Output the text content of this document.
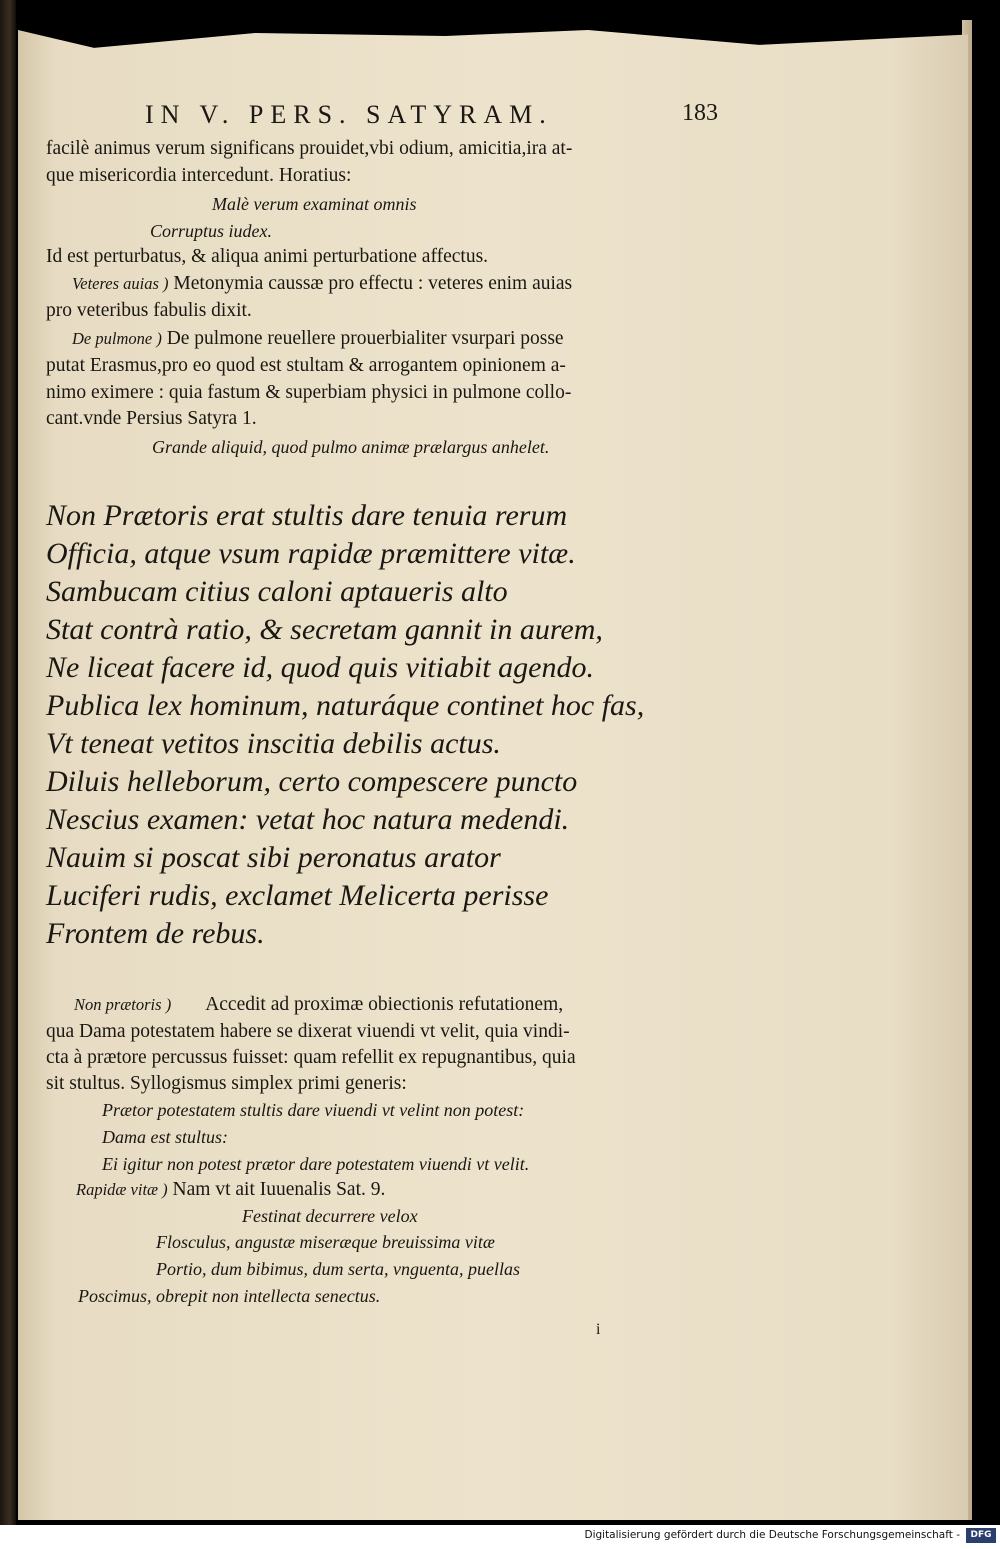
IN V. PERS. SATYRAM.	183
facilè animus verum significans prouidet,vbi odium, amicitia,ira at-
que misericordia intercedunt. Horatius:
Malè verum examinat omnis
Corruptus iudex.
Id est perturbatus, & aliqua animi perturbatione affectus.
Veteres auias ) Metonymia caussæ pro effectu : veteres enim auias
pro veteribus fabulis dixit.
De pulmone ) De pulmone reuellere prouerbialiter vsurpari posse
putat Erasmus,pro eo quod est stultam & arrogantem opinionem a-
nimo eximere : quia fastum & superbiam physici in pulmone collo-
cant.vnde Persius Satyra 1.
Grande aliquid, quod pulmo animæ prælargus anhelet.
Non Prætoris erat stultis dare tenuia rerum
Officia, atque vsum rapidæ præmittere vitæ.
Sambucam citius caloni aptaueris alto
Stat contrà ratio, & secretam gannit in aurem,
Ne liceat facere id, quod quis vitiabit agendo.
Publica lex hominum, naturáque continet hoc fas,
Vt teneat vetitos inscitia debilis actus.
Diluis helleborum, certo compescere puncto
Nescius examen: vetat hoc natura medendi.
Nauim si poscat sibi peronatus arator
Luciferi rudis, exclamet Melicerta perisse
Frontem de rebus.
Non prætoris ) Accedit ad proximæ obiectionis refutationem,
qua Dama potestatem habere se dixerat viuendi vt velit, quia vindi-
cta à prætore percussus fuisset: quam refellit ex repugnantibus, quia
sit stultus. Syllogismus simplex primi generis:
Prætor potestatem stultis dare viuendi vt velint non potest:
Dama est stultus:
Ei igitur non potest prætor dare potestatem viuendi vt velit.
Rapidæ vitæ ) Nam vt ait Iuuenalis Sat. 9.
Festinat decurrere velox
Flosculus, angustæ miseræque breuissima vitæ
Portio, dum bibimus, dum serta, vnguenta, puellas
Poscimus, obrepit non intellecta senectus.
i
Digitalisierung gefördert durch die Deutsche Forschungsgemeinschaft -	DFG
